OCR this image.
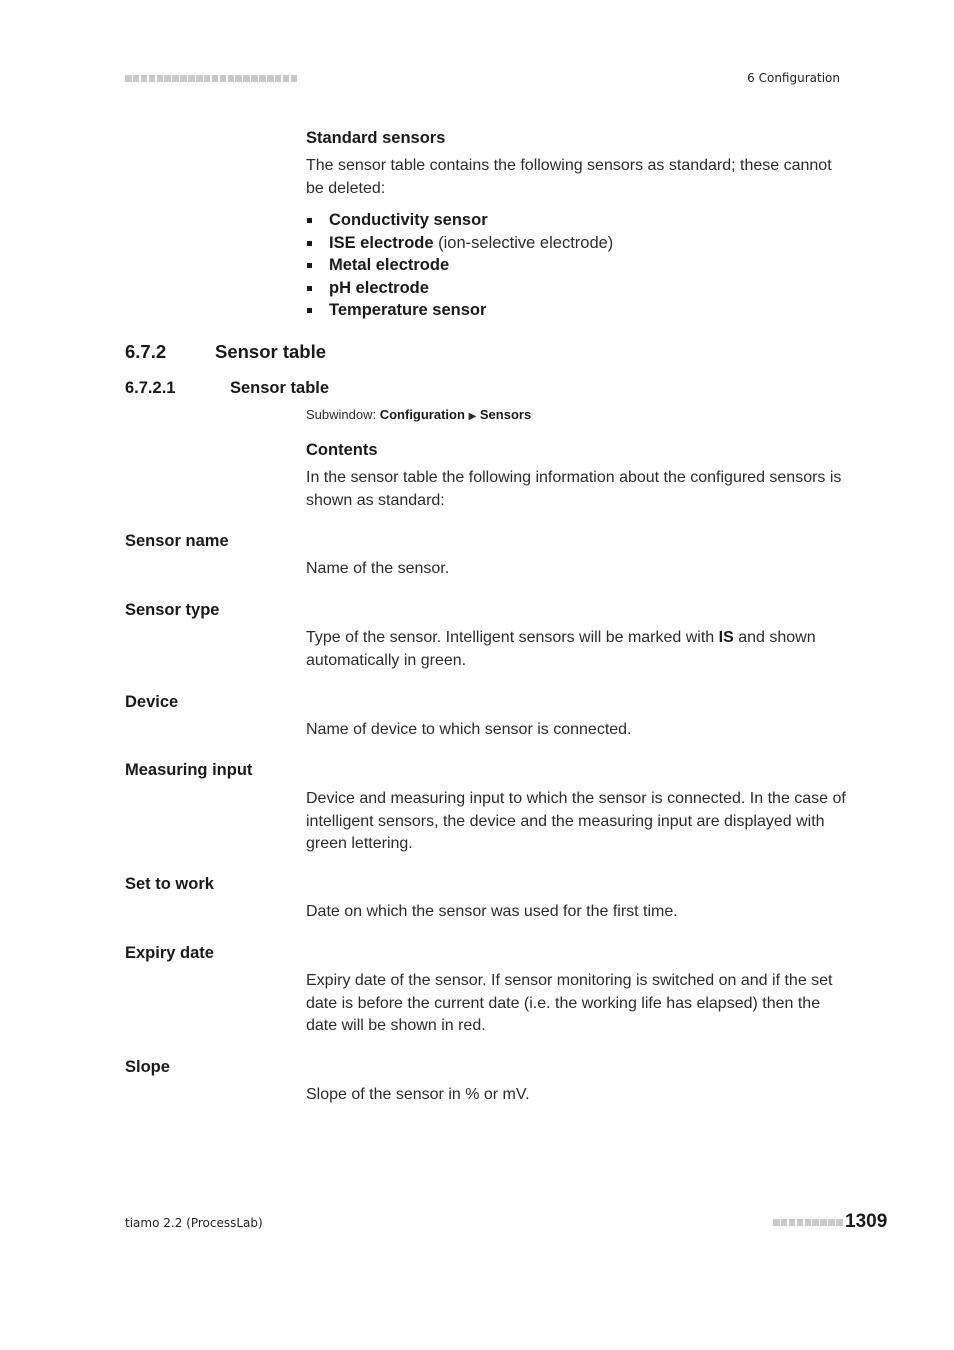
6 Configuration
Standard sensors
The sensor table contains the following sensors as standard; these cannot be deleted:
Conductivity sensor
ISE electrode (ion-selective electrode)
Metal electrode
pH electrode
Temperature sensor
6.7.2	Sensor table
6.7.2.1	Sensor table
Subwindow: Configuration ▶ Sensors
Contents
In the sensor table the following information about the configured sensors is shown as standard:
Sensor name
Name of the sensor.
Sensor type
Type of the sensor. Intelligent sensors will be marked with IS and shown automatically in green.
Device
Name of device to which sensor is connected.
Measuring input
Device and measuring input to which the sensor is connected. In the case of intelligent sensors, the device and the measuring input are displayed with green lettering.
Set to work
Date on which the sensor was used for the first time.
Expiry date
Expiry date of the sensor. If sensor monitoring is switched on and if the set date is before the current date (i.e. the working life has elapsed) then the date will be shown in red.
Slope
Slope of the sensor in % or mV.
tiamo 2.2 (ProcessLab)	1309
